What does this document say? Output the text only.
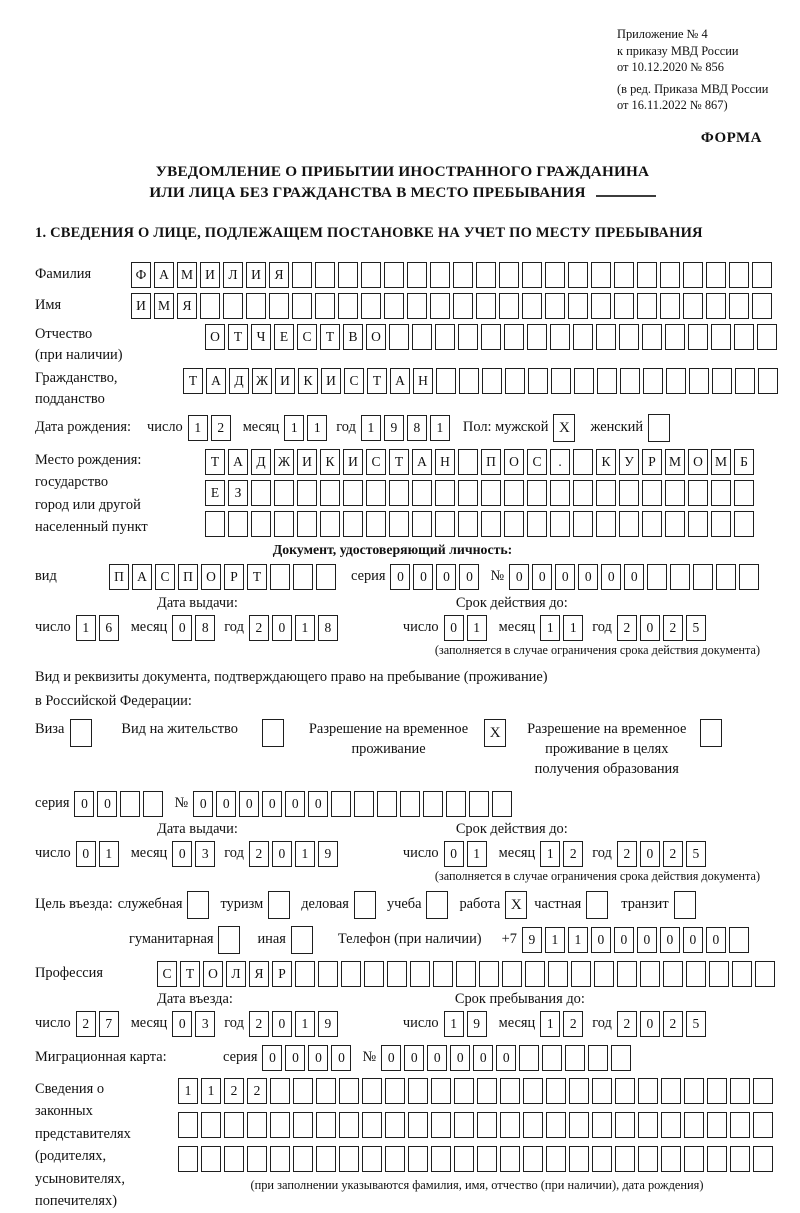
Приложение № 4
к приказу МВД России
от 10.12.2020 № 856
(в ред. Приказа МВД России
от 16.11.2022 № 867)
ФОРМА
УВЕДОМЛЕНИЕ О ПРИБЫТИИ ИНОСТРАННОГО ГРАЖДАНИНА
ИЛИ ЛИЦА БЕЗ ГРАЖДАНСТВА В МЕСТО ПРЕБЫВАНИЯ
1. СВЕДЕНИЯ О ЛИЦЕ, ПОДЛЕЖАЩЕМ ПОСТАНОВКЕ НА УЧЕТ ПО МЕСТУ ПРЕБЫВАНИЯ
Фамилия	Ф А М И Л И Я
Имя	И М Я
Отчество
(при наличии)
О Т Ч Е С Т В О
Гражданство,
подданство
Т А Д Ж И К И С Т А Н
Дата рождения:	число 1 2	месяц 1 1	год 1 9 8 1	Пол: мужской X	женский
Место рождения:
государство
город или другой
населенный пункт
Т А Д Ж И К И С Т А Н	П О С .	К У Р М О М Б
Е З
Документ, удостоверяющий личность:
вид	П А С П О Р Т	серия 0 0 0 0	№ 0 0 0 0 0 0
Дата выдачи:	Срок действия до:
число 1 6	месяц 0 8	год 2 0 1 8	число 0 1	месяц 1 1	год 2 0 2 5
(заполняется в случае ограничения срока действия документа)
Вид и реквизиты документа, подтверждающего право на пребывание (проживание)
в Российской Федерации:
Виза	Вид на жительство	Разрешение на временное
проживание
X	Разрешение на временное
проживание в целях
получения образования
серия 0 0	№ 0 0 0 0 0 0
Дата выдачи:	Срок действия до:
число 0 1	месяц 0 3	год 2 0 1 9	число 0 1	месяц 1 2	год 2 0 2 5
(заполняется в случае ограничения срока действия документа)
Цель въезда: служебная	туризм	деловая	учеба	работа X частная	транзит
гуманитарная	иная	Телефон (при наличии) +7 9 1 1 0 0 0 0 0 0
Профессия	С Т О Л Я Р
Дата въезда:	Срок пребывания до:
число 2 7	месяц 0 3	год 2 0 1 9	число 1 9	месяц 1 2	год 2 0 2 5
Миграционная карта:	серия 0 0 0 0	№ 0 0 0 0 0 0
Сведения о
законных
представителях
(родителях,
усыновителях,
попечителях)
1 1 2 2
(при заполнении указываются фамилия, имя, отчество (при наличии), дата рождения)
